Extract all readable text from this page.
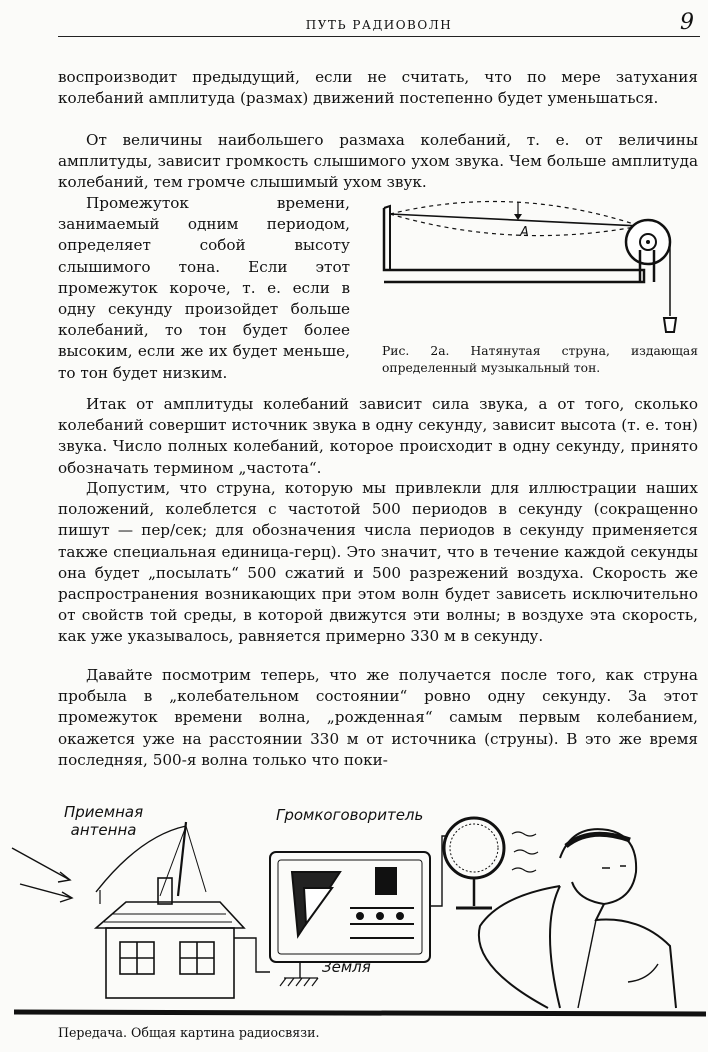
ПУТЬ РАДИОВОЛН	9

воспроизводит предыдущий, если не считать, что по мере затухания колебаний амплитуда (размах) движений постепенно будет уменьшаться.

От величины наибольшего размаха колебаний, т. е. от величины амплитуды, зависит громкость слышимого ухом звука. Чем больше амплитуда колебаний, тем громче слышимый ухом звук.

Промежуток времени, занимаемый одним периодом, определяет собой высоту слышимого тона. Если этот промежуток короче, т. е. если в одну секунду произойдет больше колебаний, то тон будет более высоким, если же их будет меньше, то тон будет низким.

A
Рис. 2а. Натянутая струна, издающая определенный музыкальный тон.

Итак от амплитуды колебаний зависит сила звука, а от того, сколько колебаний совершит источник звука в одну секунду, зависит высота (т. е. тон) звука. Число полных колебаний, которое происходит в одну секунду, принято обозначать термином „частота“.

Допустим, что струна, которую мы привлекли для иллюстрации наших положений, колеблется с частотой 500 периодов в секунду (сокращенно пишут — пер/сек; для обозначения числа периодов в секунду применяется также специальная единица-герц). Это значит, что в течение каждой секунды она будет „посылать“ 500 сжатий и 500 разрежений воздуха. Скорость же распространения возникающих при этом волн будет зависеть исключительно от свойств той среды, в которой движутся эти волны; в воздухе эта скорость, как уже указывалось, равняется примерно 330 м в секунду.

Давайте посмотрим теперь, что же получается после того, как струна пробыла в „колебательном состоянии“ ровно одну секунду. За этот промежуток времени волна, „рожденная“ самым первым колебанием, окажется уже на расстоянии 330 м от источника (струны). В это же время последняя, 500-я волна только что поки-

Приемная
антенна
Громкоговоритель
Земля
Передача. Общая картина радиосвязи.
